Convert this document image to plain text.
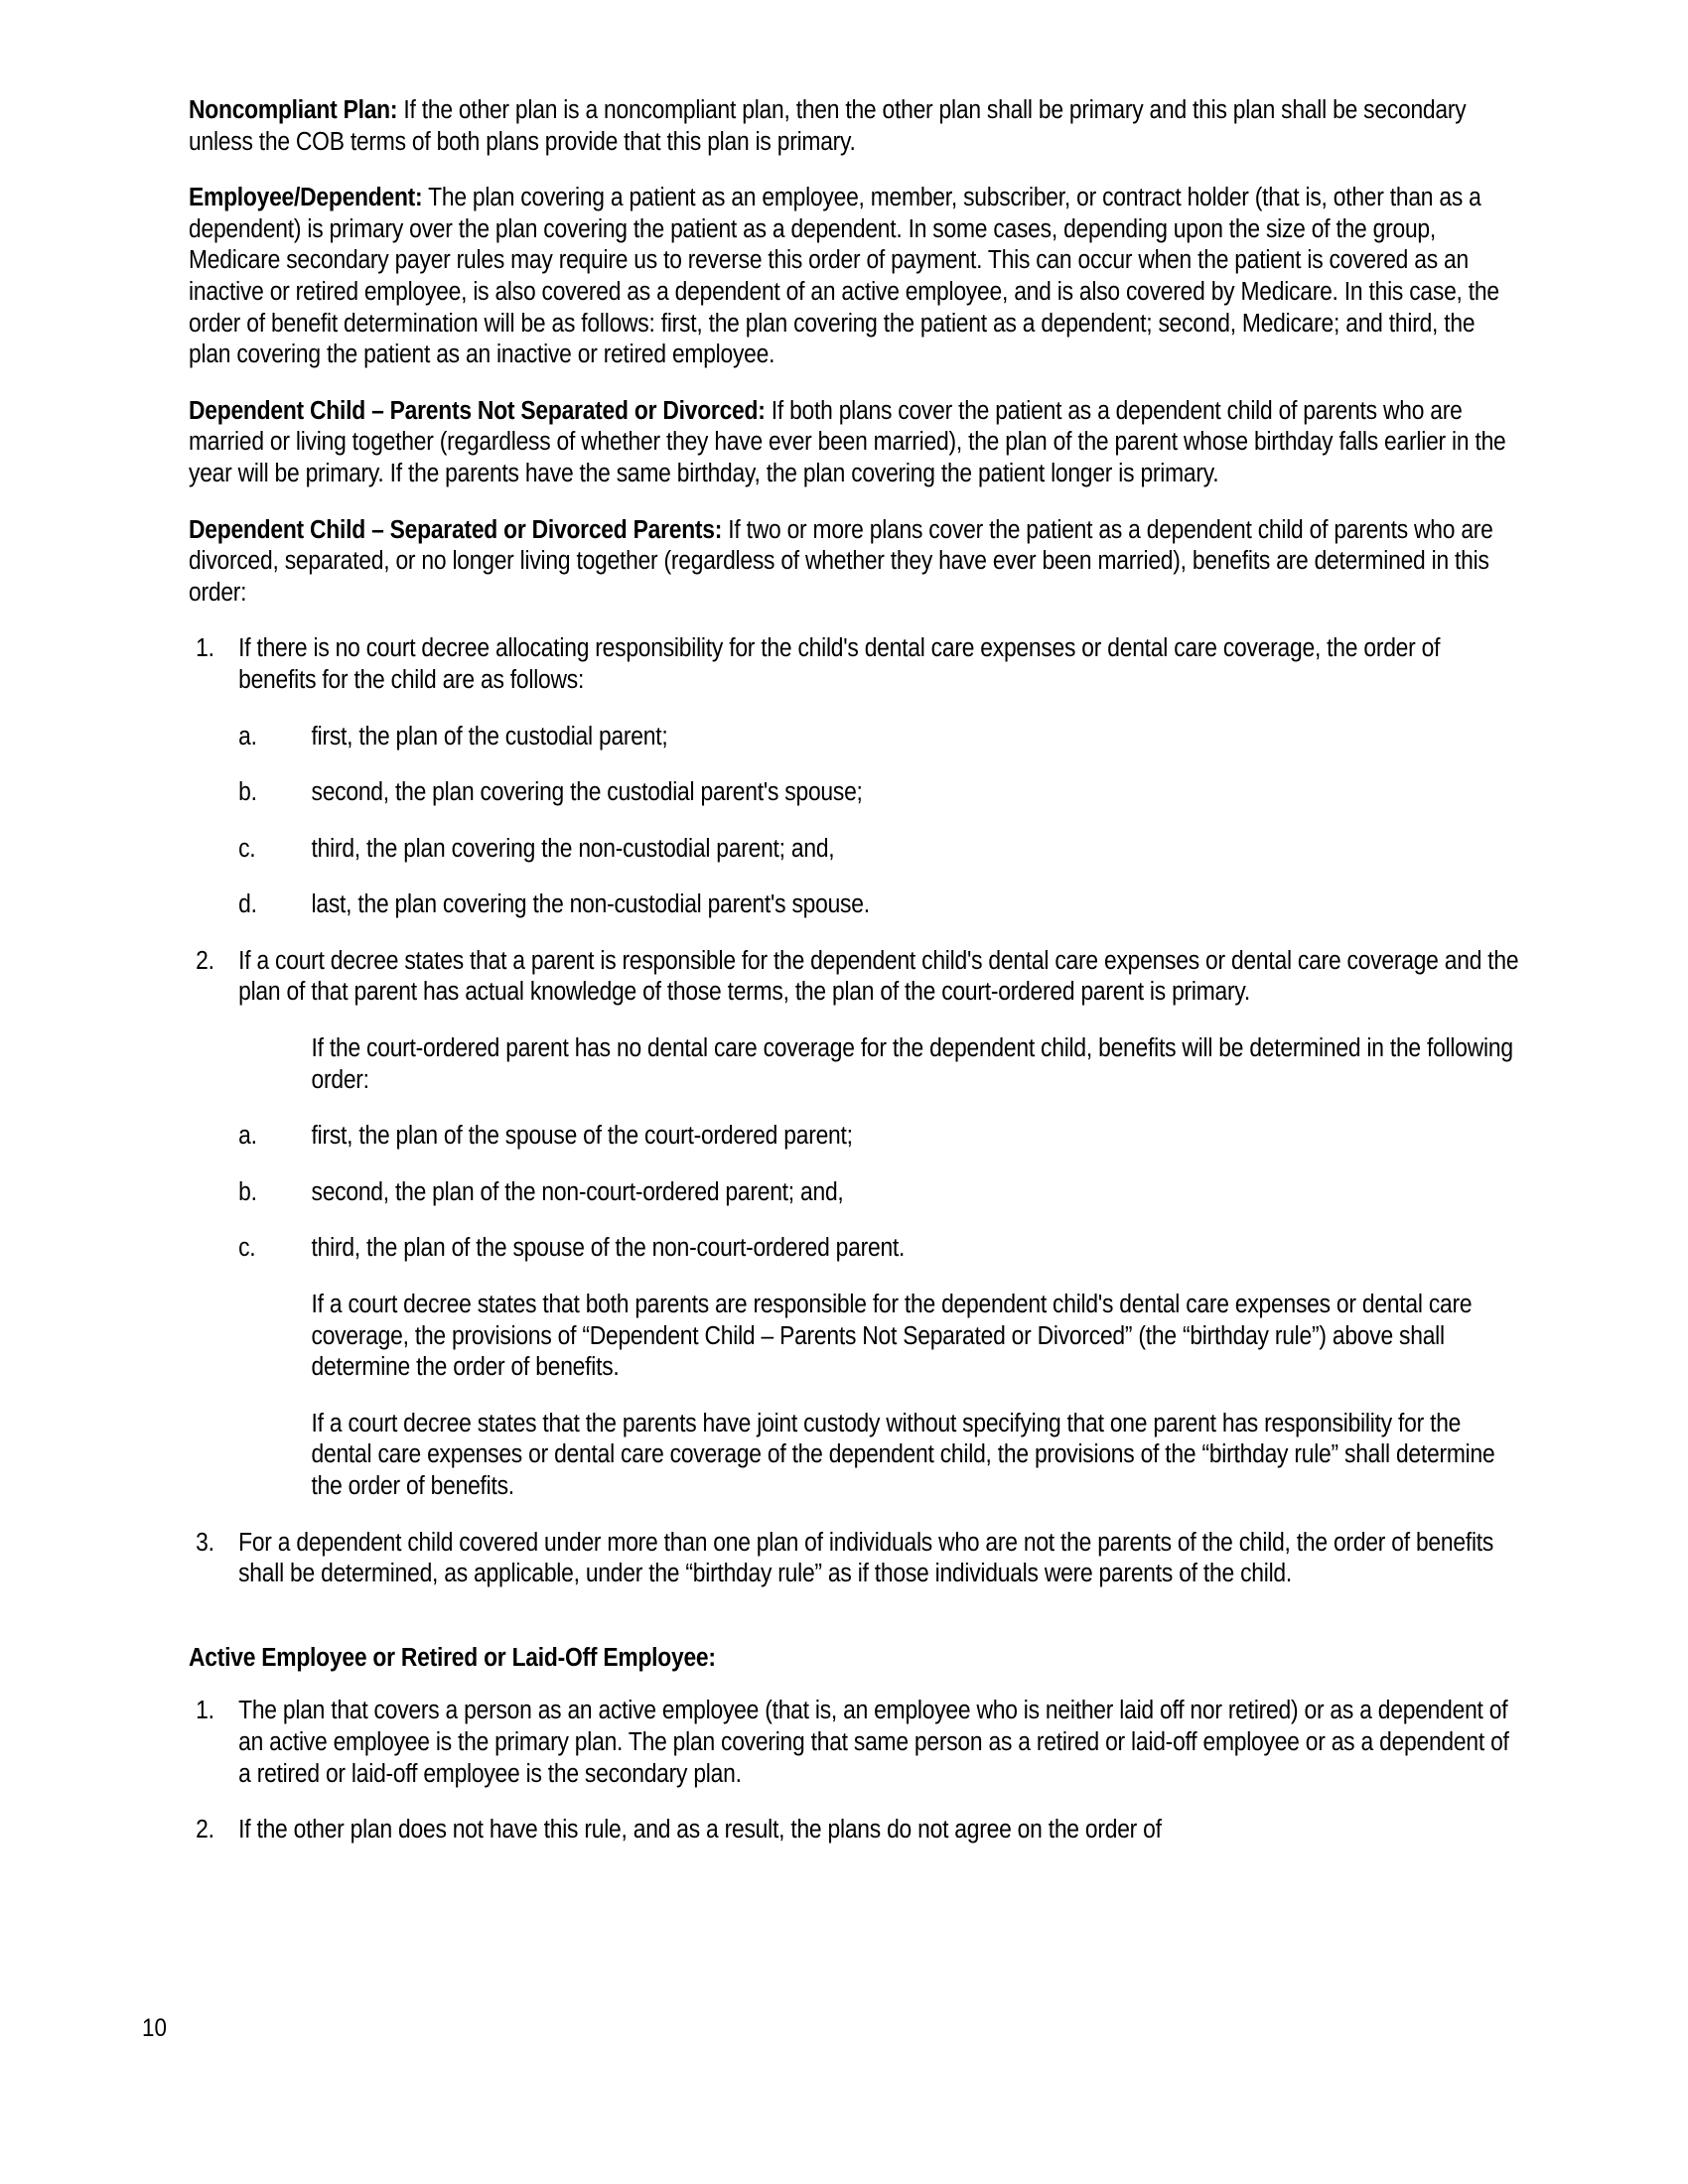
Noncompliant Plan: If the other plan is a noncompliant plan, then the other plan shall be primary and this plan shall be secondary unless the COB terms of both plans provide that this plan is primary.

Employee/Dependent: The plan covering a patient as an employee, member, subscriber, or contract holder (that is, other than as a dependent) is primary over the plan covering the patient as a dependent. In some cases, depending upon the size of the group, Medicare secondary payer rules may require us to reverse this order of payment. This can occur when the patient is covered as an inactive or retired employee, is also covered as a dependent of an active employee, and is also covered by Medicare. In this case, the order of benefit determination will be as follows: first, the plan covering the patient as a dependent; second, Medicare; and third, the plan covering the patient as an inactive or retired employee.

Dependent Child – Parents Not Separated or Divorced: If both plans cover the patient as a dependent child of parents who are married or living together (regardless of whether they have ever been married), the plan of the parent whose birthday falls earlier in the year will be primary. If the parents have the same birthday, the plan covering the patient longer is primary.

Dependent Child – Separated or Divorced Parents: If two or more plans cover the patient as a dependent child of parents who are divorced, separated, or no longer living together (regardless of whether they have ever been married), benefits are determined in this order:

1. If there is no court decree allocating responsibility for the child's dental care expenses or dental care coverage, the order of benefits for the child are as follows:
a.	first, the plan of the custodial parent;
b.	second, the plan covering the custodial parent's spouse;
c.	third, the plan covering the non-custodial parent; and,
d.	last, the plan covering the non-custodial parent's spouse.
2. If a court decree states that a parent is responsible for the dependent child's dental care expenses or dental care coverage and the plan of that parent has actual knowledge of those terms, the plan of the court-ordered parent is primary.
If the court-ordered parent has no dental care coverage for the dependent child, benefits will be determined in the following order:
a.	first, the plan of the spouse of the court-ordered parent;
b.	second, the plan of the non-court-ordered parent; and,
c.	third, the plan of the spouse of the non-court-ordered parent.
If a court decree states that both parents are responsible for the dependent child's dental care expenses or dental care coverage, the provisions of “Dependent Child – Parents Not Separated or Divorced” (the “birthday rule”) above shall determine the order of benefits.
If a court decree states that the parents have joint custody without specifying that one parent has responsibility for the dental care expenses or dental care coverage of the dependent child, the provisions of the “birthday rule” shall determine the order of benefits.
3. For a dependent child covered under more than one plan of individuals who are not the parents of the child, the order of benefits shall be determined, as applicable, under the “birthday rule” as if those individuals were parents of the child.

Active Employee or Retired or Laid-Off Employee:

1. The plan that covers a person as an active employee (that is, an employee who is neither laid off nor retired) or as a dependent of an active employee is the primary plan. The plan covering that same person as a retired or laid-off employee or as a dependent of a retired or laid-off employee is the secondary plan.
2. If the other plan does not have this rule, and as a result, the plans do not agree on the order of
10
